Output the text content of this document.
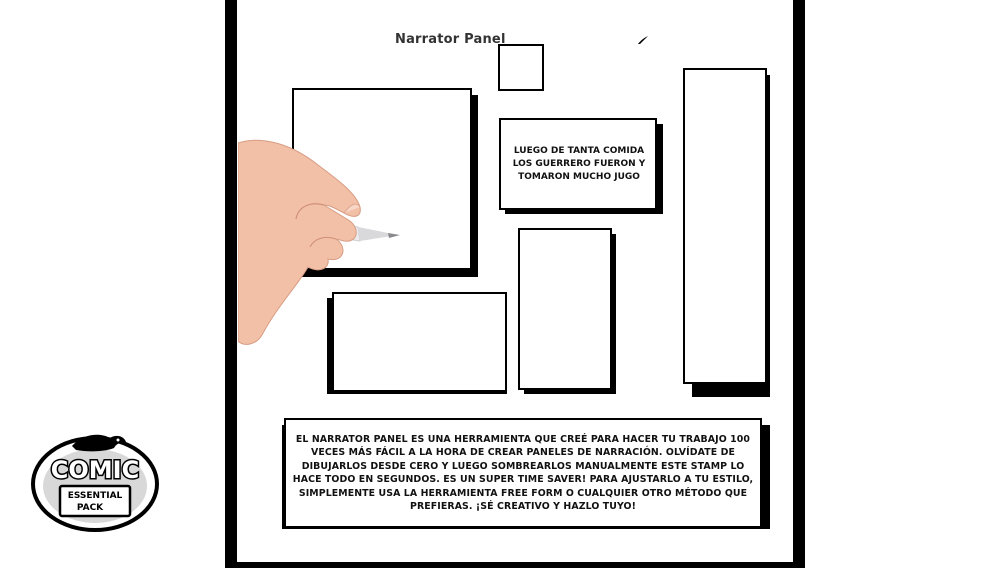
Narrator Panel
LUEGO DE TANTA COMIDA LOS GUERRERO FUERON Y TOMARON MUCHO JUGO
EL NARRATOR PANEL ES UNA HERRAMIENTA QUE CREÉ PARA HACER TU TRABAJO 100 VECES MÁS FÁCIL A LA HORA DE CREAR PANELES DE NARRACIÓN. OLVÍDATE DE DIBUJARLOS DESDE CERO Y LUEGO SOMBREARLOS MANUALMENTE ESTE STAMP LO HACE TODO EN SEGUNDOS. ES UN SUPER TIME SAVER! PARA AJUSTARLO A TU ESTILO, SIMPLEMENTE USA LA HERRAMIENTA FREE FORM O CUALQUIER OTRO MÉTODO QUE PREFIERAS. ¡SÉ CREATIVO Y HAZLO TUYO!
COMIC
ESSENTIAL
PACK
